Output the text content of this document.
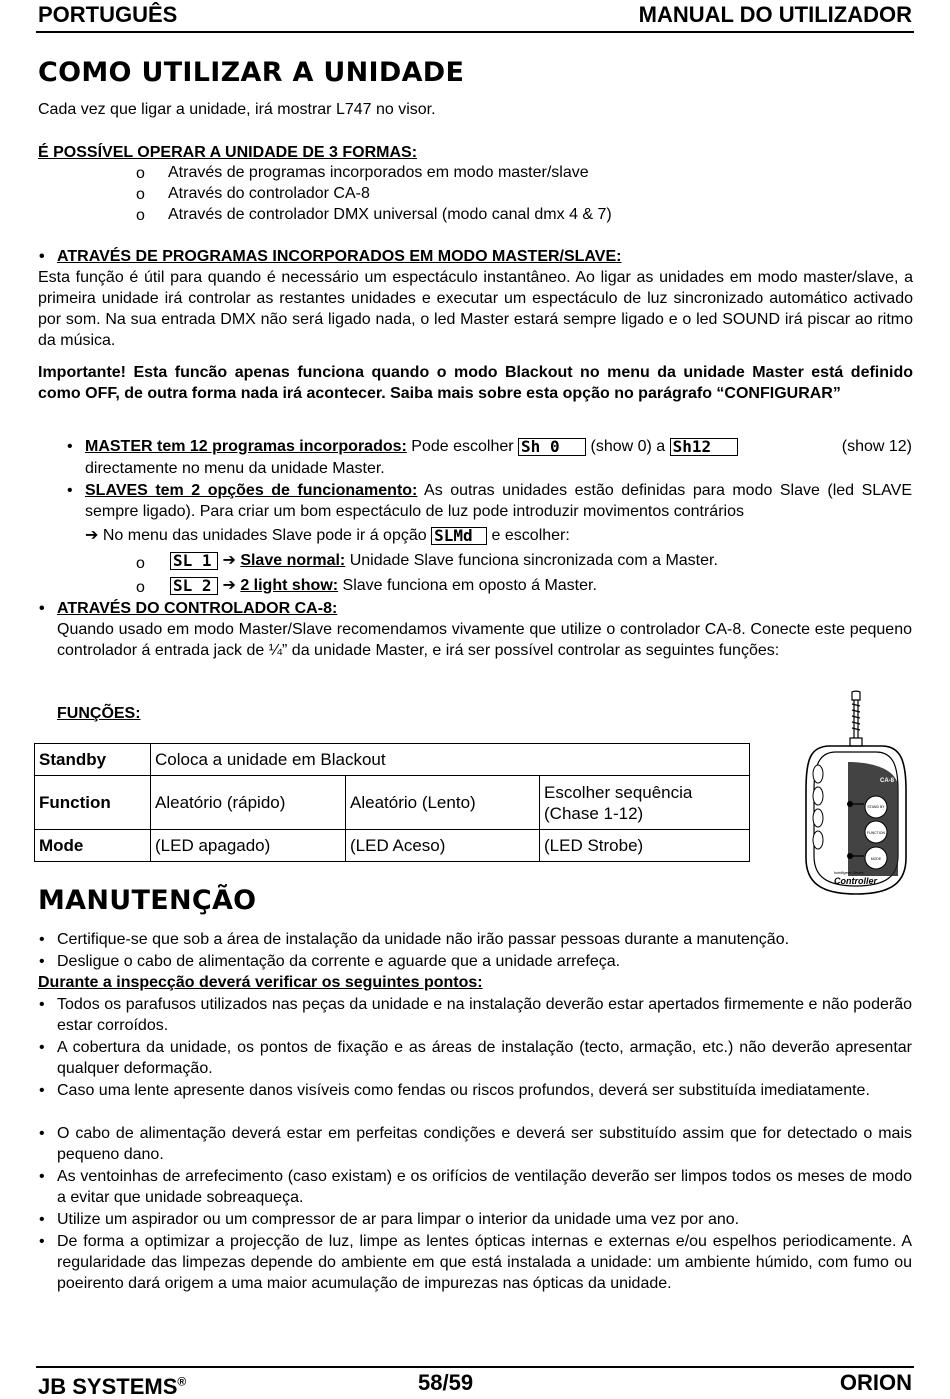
PORTUGUÊS	MANUAL DO UTILIZADOR
COMO UTILIZAR A UNIDADE
Cada vez que ligar a unidade, irá mostrar L747 no visor.
É POSSÍVEL OPERAR A UNIDADE DE 3 FORMAS:
o Através de programas incorporados em modo master/slave
o Através do controlador CA-8
o Através de controlador DMX universal (modo canal dmx 4 & 7)
• ATRAVÉS DE PROGRAMAS INCORPORADOS EM MODO MASTER/SLAVE:
Esta função é útil para quando é necessário um espectáculo instantâneo. Ao ligar as unidades em modo master/slave, a primeira unidade irá controlar as restantes unidades e executar um espectáculo de luz sincronizado automático activado por som. Na sua entrada DMX não será ligado nada, o led Master estará sempre ligado e o led SOUND irá piscar ao ritmo da música.
Importante! Esta funcão apenas funciona quando o modo Blackout no menu da unidade Master está definido como OFF, de outra forma nada irá acontecer. Saiba mais sobre esta opção no parágrafo “CONFIGURAR”
• MASTER tem 12 programas incorporados: Pode escolher Sh 0 (show 0) a Sh12	(show 12)
directamente no menu da unidade Master.
• SLAVES tem 2 opções de funcionamento: As outras unidades estão definidas para modo Slave (led SLAVE sempre ligado). Para criar um bom espectáculo de luz pode introduzir movimentos contrários
➔ No menu das unidades Slave pode ir á opção SLMd e escolher:
o SL 1 ➔ Slave normal: Unidade Slave funciona sincronizada com a Master.
o SL 2 ➔ 2 light show: Slave funciona em oposto á Master.
• ATRAVÉS DO CONTROLADOR CA-8:
Quando usado em modo Master/Slave recomendamos vivamente que utilize o controlador CA-8. Conecte este pequeno controlador á entrada jack de ¼” da unidade Master, e irá ser possível controlar as seguintes funções:
FUNÇÕES:
Standby	Coloca a unidade em Blackout		
Function	Aleatório (rápido)	Aleatório (Lento)	Escolher sequência (Chase 1-12)
Mode	(LED apagado)	(LED Aceso)	(LED Strobe)
CA-8
STAND BY
FUNCTION
MODE
Intelligent Series
Controller
MANUTENÇÃO
• Certifique-se que sob a área de instalação da unidade não irão passar pessoas durante a manutenção.
• Desligue o cabo de alimentação da corrente e aguarde que a unidade arrefeça.
Durante a inspecção deverá verificar os seguintes pontos:
• Todos os parafusos utilizados nas peças da unidade e na instalação deverão estar apertados firmemente e não poderão estar corroídos.
• A cobertura da unidade, os pontos de fixação e as áreas de instalação (tecto, armação, etc.) não deverão apresentar qualquer deformação.
• Caso uma lente apresente danos visíveis como fendas ou riscos profundos, deverá ser substituída imediatamente.
• O cabo de alimentação deverá estar em perfeitas condições e deverá ser substituído assim que for detectado o mais pequeno dano.
• As ventoinhas de arrefecimento (caso existam) e os orifícios de ventilação deverão ser limpos todos os meses de modo a evitar que unidade sobreaqueça.
• Utilize um aspirador ou um compressor de ar para limpar o interior da unidade uma vez por ano.
• De forma a optimizar a projecção de luz, limpe as lentes ópticas internas e externas e/ou espelhos periodicamente. A regularidade das limpezas depende do ambiente em que está instalada a unidade: um ambiente húmido, com fumo ou poeirento dará origem a uma maior acumulação de impurezas nas ópticas da unidade.
JB SYSTEMS®	58/59	ORION
